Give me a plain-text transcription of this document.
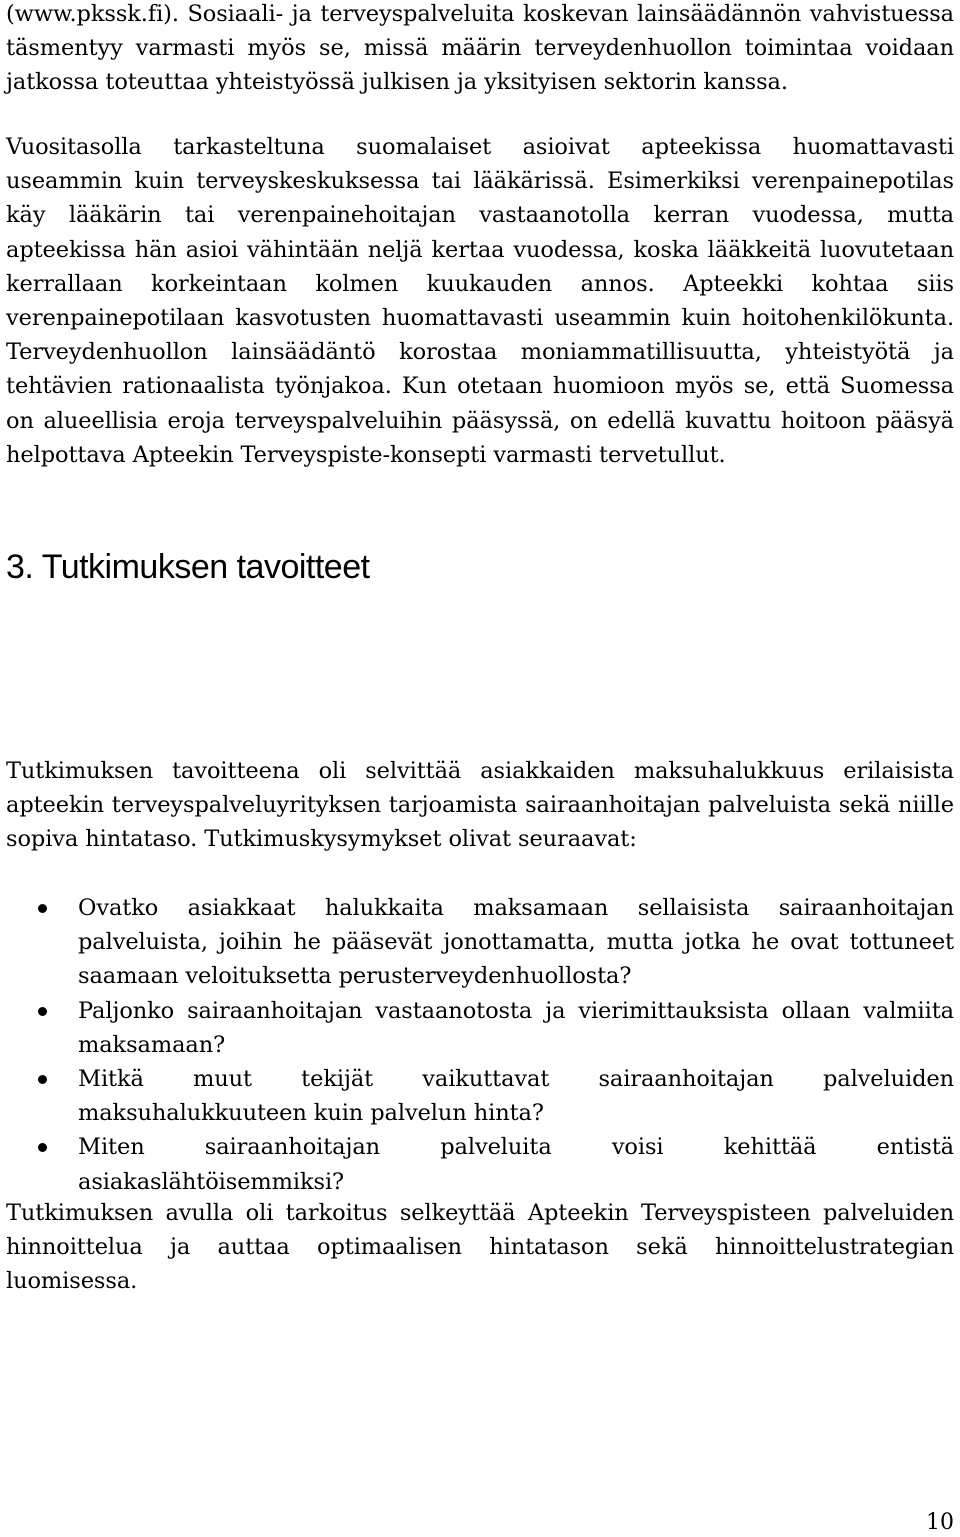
(www.pkssk.fi). Sosiaali- ja terveyspalveluita koskevan lainsäädännön vahvistuessa täsmentyy varmasti myös se, missä määrin terveydenhuollon toimintaa voidaan jatkossa toteuttaa yhteistyössä julkisen ja yksityisen sektorin kanssa.

Vuositasolla tarkasteltuna suomalaiset asioivat apteekissa huomattavasti useammin kuin terveyskeskuksessa tai lääkärissä. Esimerkiksi verenpainepotilas käy lääkärin tai verenpainehoitajan vastaanotolla kerran vuodessa, mutta apteekissa hän asioi vähintään neljä kertaa vuodessa, koska lääkkeitä luovutetaan kerrallaan korkeintaan kolmen kuukauden annos. Apteekki kohtaa siis verenpainepotilaan kasvotusten huomattavasti useammin kuin hoitohenkilökunta. Terveydenhuollon lainsäädäntö korostaa moniammatillisuutta, yhteistyötä ja tehtävien rationaalista työnjakoa. Kun otetaan huomioon myös se, että Suomessa on alueellisia eroja terveyspalveluihin pääsyssä, on edellä kuvattu hoitoon pääsyä helpottava Apteekin Terveyspiste-konsepti varmasti tervetullut.

3. Tutkimuksen tavoitteet

Tutkimuksen tavoitteena oli selvittää asiakkaiden maksuhalukkuus erilaisista apteekin terveyspalveluyrityksen tarjoamista sairaanhoitajan palveluista sekä niille sopiva hintataso. Tutkimuskysymykset olivat seuraavat:

Ovatko asiakkaat halukkaita maksamaan sellaisista sairaanhoitajan palveluista, joihin he pääsevät jonottamatta, mutta jotka he ovat tottuneet saamaan veloituksetta perusterveydenhuollosta?
Paljonko sairaanhoitajan vastaanotosta ja vierimittauksista ollaan valmiita maksamaan?
Mitkä muut tekijät vaikuttavat sairaanhoitajan palveluiden maksuhalukkuuteen kuin palvelun hinta?
Miten sairaanhoitajan palveluita voisi kehittää entistä asiakaslähtöisemmiksi?

Tutkimuksen avulla oli tarkoitus selkeyttää Apteekin Terveyspisteen palveluiden hinnoittelua ja auttaa optimaalisen hintatason sekä hinnoittelustrategian luomisessa.

10
